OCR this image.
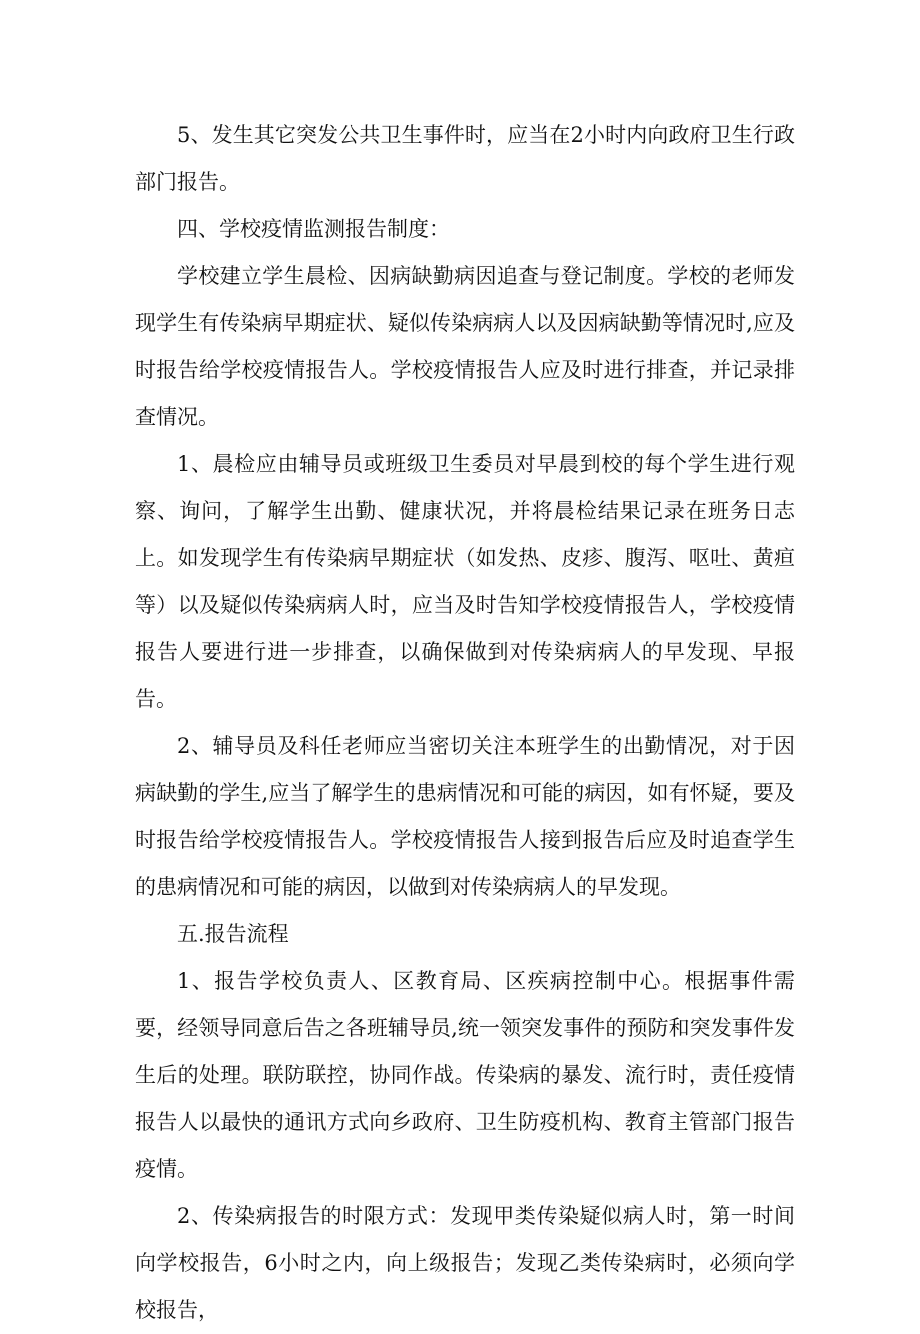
5、发生其它突发公共卫生事件时，应当在2小时内向政府卫生行政部门报告。

四、学校疫情监测报告制度：

学校建立学生晨检、因病缺勤病因追查与登记制度。学校的老师发现学生有传染病早期症状、疑似传染病病人以及因病缺勤等情况时,应及时报告给学校疫情报告人。学校疫情报告人应及时进行排查，并记录排查情况。

1、晨检应由辅导员或班级卫生委员对早晨到校的每个学生进行观察、询问，了解学生出勤、健康状况，并将晨检结果记录在班务日志上。如发现学生有传染病早期症状（如发热、皮疹、腹泻、呕吐、黄疸等）以及疑似传染病病人时，应当及时告知学校疫情报告人，学校疫情报告人要进行进一步排查，以确保做到对传染病病人的早发现、早报告。

2、辅导员及科任老师应当密切关注本班学生的出勤情况，对于因病缺勤的学生,应当了解学生的患病情况和可能的病因，如有怀疑，要及时报告给学校疫情报告人。学校疫情报告人接到报告后应及时追查学生的患病情况和可能的病因，以做到对传染病病人的早发现。

五.报告流程

1、报告学校负责人、区教育局、区疾病控制中心。根据事件需要，经领导同意后告之各班辅导员,统一领突发事件的预防和突发事件发生后的处理。联防联控，协同作战。传染病的暴发、流行时，责任疫情报告人以最快的通讯方式向乡政府、卫生防疫机构、教育主管部门报告疫情。

2、传染病报告的时限方式：发现甲类传染疑似病人时，第一时间向学校报告，6小时之内，向上级报告；发现乙类传染病时，必须向学校报告，
